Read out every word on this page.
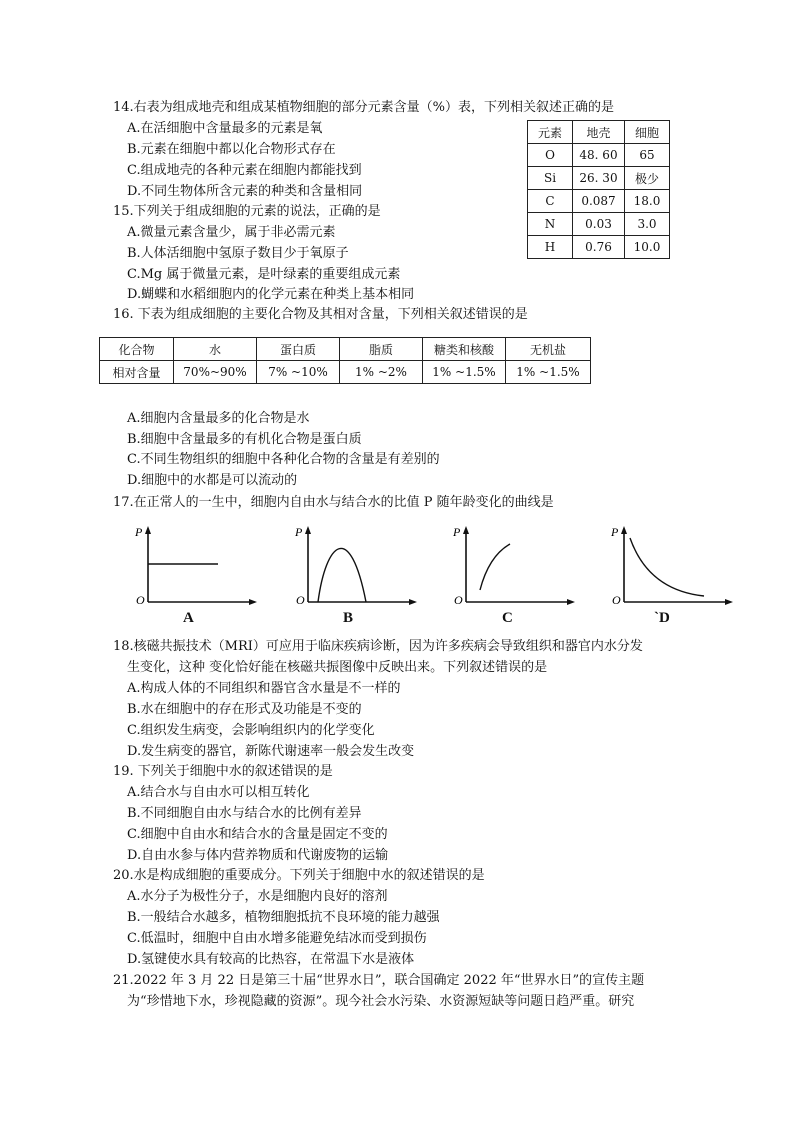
14.右表为组成地壳和组成某植物细胞的部分元素含量（%）表，下列相关叙述正确的是
A.在活细胞中含量最多的元素是氧
B.元素在细胞中都以化合物形式存在
C.组成地壳的各种元素在细胞内都能找到
D.不同生物体所含元素的种类和含量相同
元素	地壳	细胞
O	48. 60	65
Si	26. 30	极少
C	0.087	18.0
N	0.03	3.0
H	0.76	10.0
15.下列关于组成细胞的元素的说法，正确的是
A.微量元素含量少，属于非必需元素
B.人体活细胞中氢原子数目少于氧原子
C.Mg 属于微量元素，是叶绿素的重要组成元素
D.蝴蝶和水稻细胞内的化学元素在种类上基本相同
16. 下表为组成细胞的主要化合物及其相对含量，下列相关叙述错误的是
化合物	水	蛋白质	脂质	糖类和核酸	无机盐
相对含量	70%~90%	7% ~10%	1% ~2%	1% ~1.5%	1% ~1.5%
A.细胞内含量最多的化合物是水
B.细胞中含量最多的有机化合物是蛋白质
C.不同生物组织的细胞中各种化合物的含量是有差别的
D.细胞中的水都是可以流动的
17.在正常人的一生中，细胞内自由水与结合水的比值 P 随年龄变化的曲线是
P
O
P
O
P
O
P
O
A	B	C	`D
18.核磁共振技术（MRI）可应用于临床疾病诊断，因为许多疾病会导致组织和器官内水分发
生变化，这种 变化恰好能在核磁共振图像中反映出来。下列叙述错误的是
A.构成人体的不同组织和器官含水量是不一样的
B.水在细胞中的存在形式及功能是不变的
C.组织发生病变，会影响组织内的化学变化
D.发生病变的器官，新陈代谢速率一般会发生改变
19. 下列关于细胞中水的叙述错误的是
A.结合水与自由水可以相互转化
B.不同细胞自由水与结合水的比例有差异
C.细胞中自由水和结合水的含量是固定不变的
D.自由水参与体内营养物质和代谢废物的运输
20.水是构成细胞的重要成分。下列关于细胞中水的叙述错误的是
A.水分子为极性分子，水是细胞内良好的溶剂
B.一般结合水越多，植物细胞抵抗不良环境的能力越强
C.低温时，细胞中自由水增多能避免结冰而受到损伤
D.氢键使水具有较高的比热容，在常温下水是液体
21.2022 年 3 月 22 日是第三十届“世界水日”，联合国确定 2022 年“世界水日”的宣传主题
为“珍惜地下水，珍视隐藏的资源”。现今社会水污染、水资源短缺等问题日趋严重。研究
